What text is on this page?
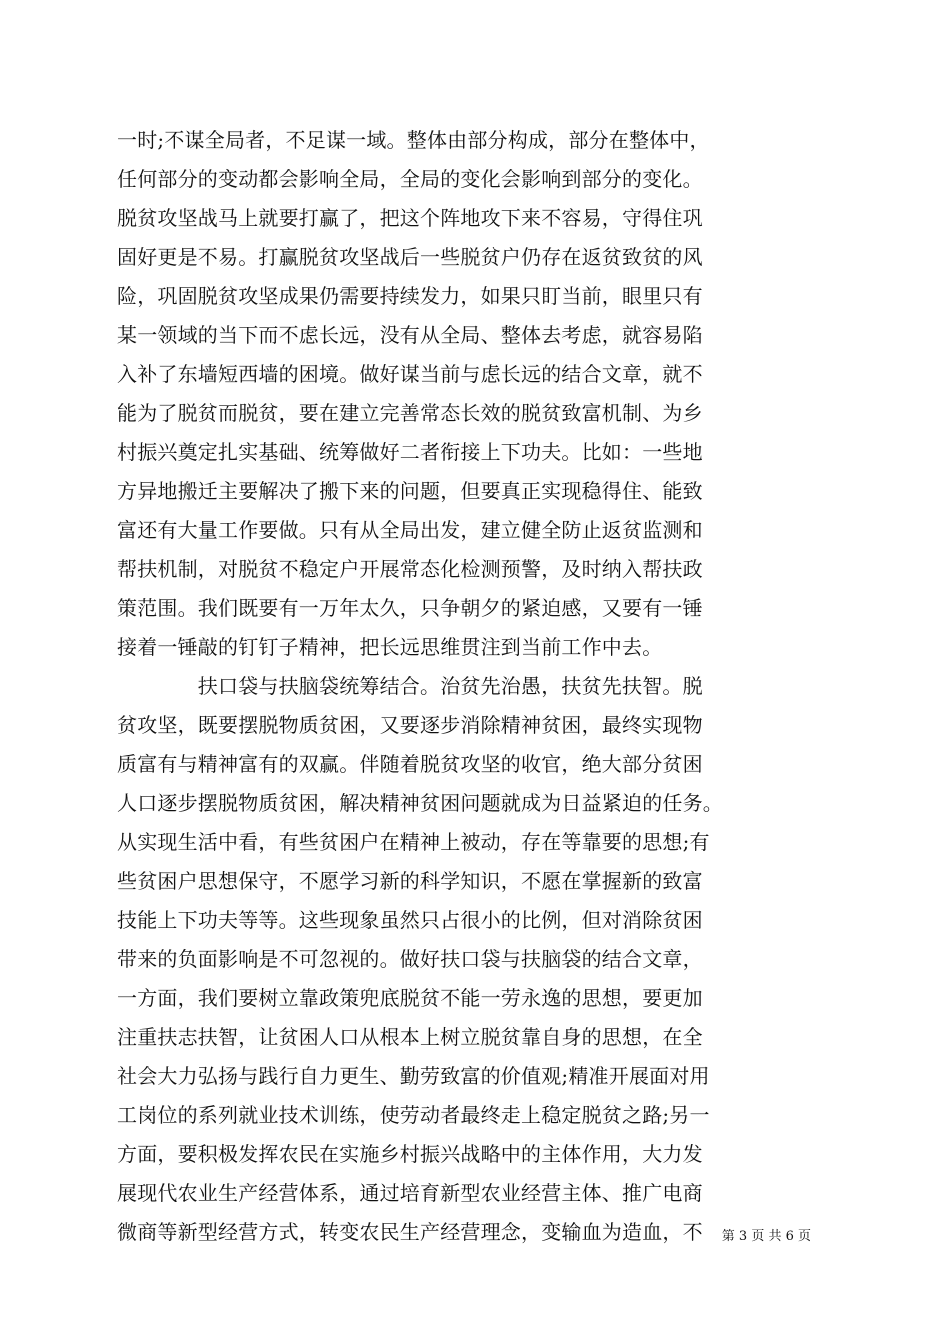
一时;不谋全局者，不足谋一域。整体由部分构成，部分在整体中，
任何部分的变动都会影响全局，全局的变化会影响到部分的变化。
脱贫攻坚战马上就要打赢了，把这个阵地攻下来不容易，守得住巩
固好更是不易。打赢脱贫攻坚战后一些脱贫户仍存在返贫致贫的风
险，巩固脱贫攻坚成果仍需要持续发力，如果只盯当前，眼里只有
某一领域的当下而不虑长远，没有从全局、整体去考虑，就容易陷
入补了东墙短西墙的困境。做好谋当前与虑长远的结合文章，就不
能为了脱贫而脱贫，要在建立完善常态长效的脱贫致富机制、为乡
村振兴奠定扎实基础、统筹做好二者衔接上下功夫。比如：一些地
方异地搬迁主要解决了搬下来的问题，但要真正实现稳得住、能致
富还有大量工作要做。只有从全局出发，建立健全防止返贫监测和
帮扶机制，对脱贫不稳定户开展常态化检测预警，及时纳入帮扶政
策范围。我们既要有一万年太久，只争朝夕的紧迫感，又要有一锤
接着一锤敲的钉钉子精神，把长远思维贯注到当前工作中去。
　　　　扶口袋与扶脑袋统筹结合。治贫先治愚，扶贫先扶智。脱
贫攻坚，既要摆脱物质贫困，又要逐步消除精神贫困，最终实现物
质富有与精神富有的双赢。伴随着脱贫攻坚的收官，绝大部分贫困
人口逐步摆脱物质贫困，解决精神贫困问题就成为日益紧迫的任务。
从实现生活中看，有些贫困户在精神上被动，存在等靠要的思想;有
些贫困户思想保守，不愿学习新的科学知识，不愿在掌握新的致富
技能上下功夫等等。这些现象虽然只占很小的比例，但对消除贫困
带来的负面影响是不可忽视的。做好扶口袋与扶脑袋的结合文章，
一方面，我们要树立靠政策兜底脱贫不能一劳永逸的思想，要更加
注重扶志扶智，让贫困人口从根本上树立脱贫靠自身的思想，在全
社会大力弘扬与践行自力更生、勤劳致富的价值观;精准开展面对用
工岗位的系列就业技术训练，使劳动者最终走上稳定脱贫之路;另一
方面，要积极发挥农民在实施乡村振兴战略中的主体作用，大力发
展现代农业生产经营体系，通过培育新型农业经营主体、推广电商
微商等新型经营方式，转变农民生产经营理念，变输血为造血，不	第 3 页 共 6 页
